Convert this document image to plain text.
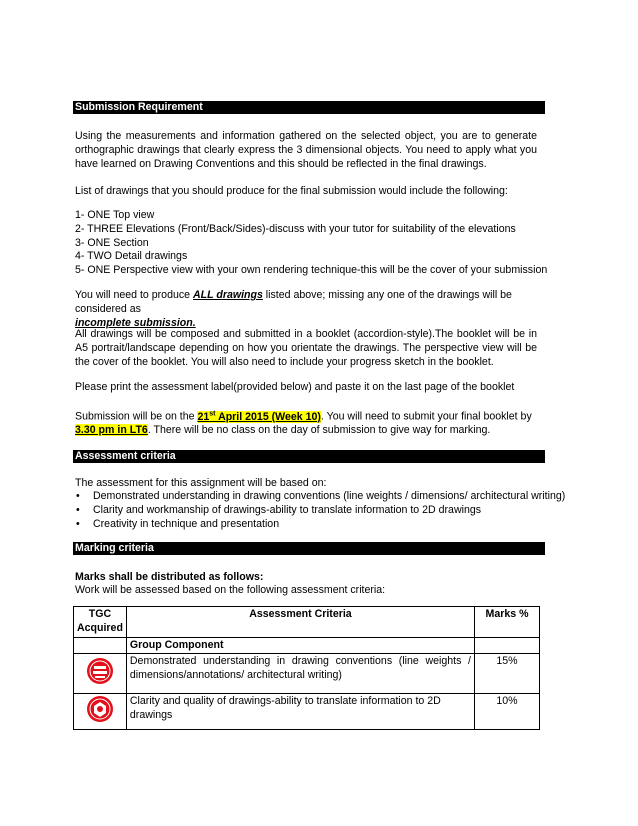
Submission Requirement
Using the measurements and information gathered on the selected object, you are to generate orthographic drawings that clearly express the 3 dimensional objects. You need to apply what you have learned on Drawing Conventions and this should be reflected in the final drawings.
List of drawings that you should produce for the final submission would include the following:
1- ONE Top view
2- THREE Elevations (Front/Back/Sides)-discuss with your tutor for suitability of the elevations
3- ONE Section
4- TWO Detail drawings
5- ONE Perspective view with your own rendering technique-this will be the cover of your submission
You will need to produce ALL drawings listed above; missing any one of the drawings will be considered as
incomplete submission.
All drawings will be composed and submitted in a booklet (accordion-style).The booklet will be in A5 portrait/landscape depending on how you orientate the drawings. The perspective view will be the cover of the booklet. You will also need to include your progress sketch in the booklet.
Please print the assessment label(provided below) and paste it on the last page of the booklet
Submission will be on the 21st April 2015 (Week 10). You will need to submit your final booklet by 3.30 pm in LT6. There will be no class on the day of submission to give way for marking.
Assessment criteria
The assessment for this assignment will be based on:
• Demonstrated understanding in drawing conventions (line weights / dimensions/ architectural writing)
• Clarity and workmanship of drawings-ability to translate information to 2D drawings
• Creativity in technique and presentation
Marking criteria
Marks shall be distributed as follows:
Work will be assessed based on the following assessment criteria:
TGC Acquired	Assessment Criteria	Marks %
	Group Component	
	Demonstrated understanding in drawing conventions (line weights / dimensions/annotations/ architectural writing)	15%
	Clarity and quality of drawings-ability to translate information to 2D drawings	10%
